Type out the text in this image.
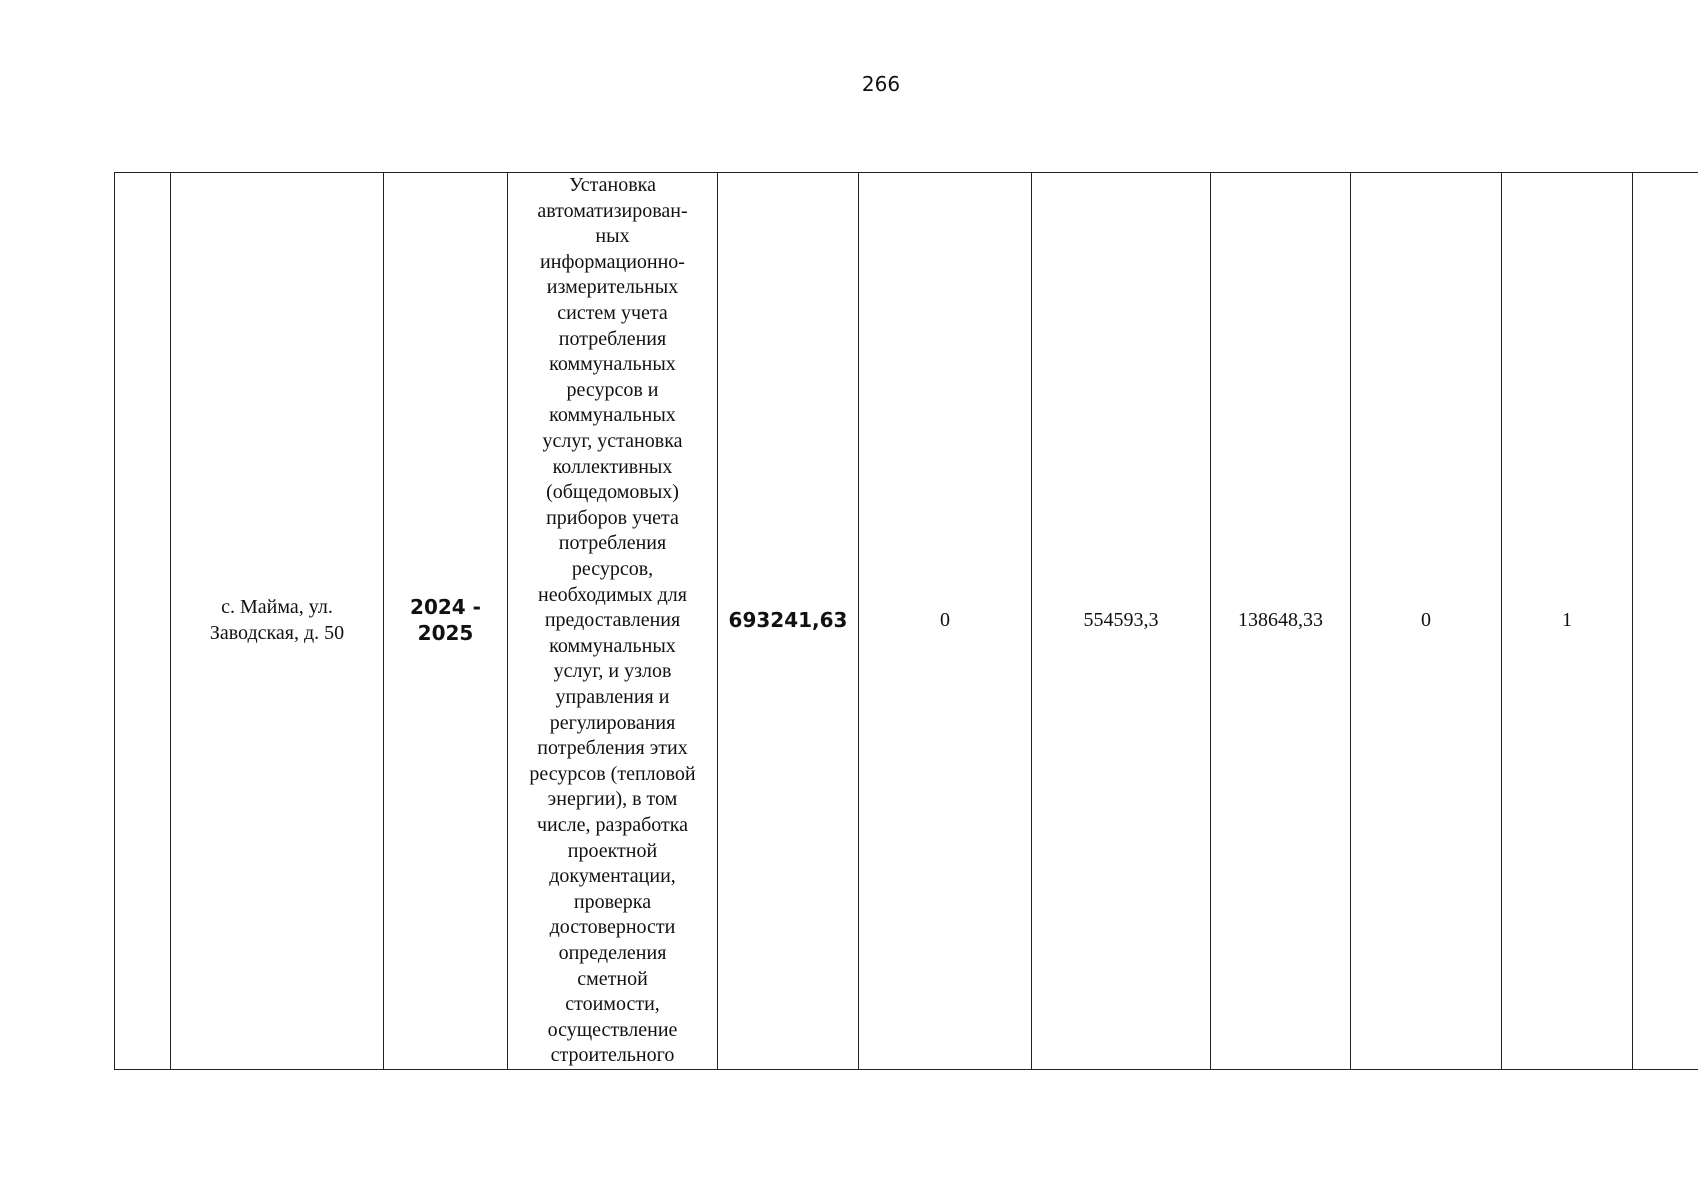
266

с. Майма, ул.
Заводская, д. 50

2024 -
2025

Установка
автоматизирован-
ных
информационно-
измерительных
систем учета
потребления
коммунальных
ресурсов и
коммунальных
услуг, установка
коллективных
(общедомовых)
приборов учета
потребления
ресурсов,
необходимых для
предоставления
коммунальных
услуг, и узлов
управления и
регулирования
потребления этих
ресурсов (тепловой
энергии), в том
числе, разработка
проектной
документации,
проверка
достоверности
определения
сметной
стоимости,
осуществление
строительного
	693241,63	0	554593,3	138648,33	0	1	
